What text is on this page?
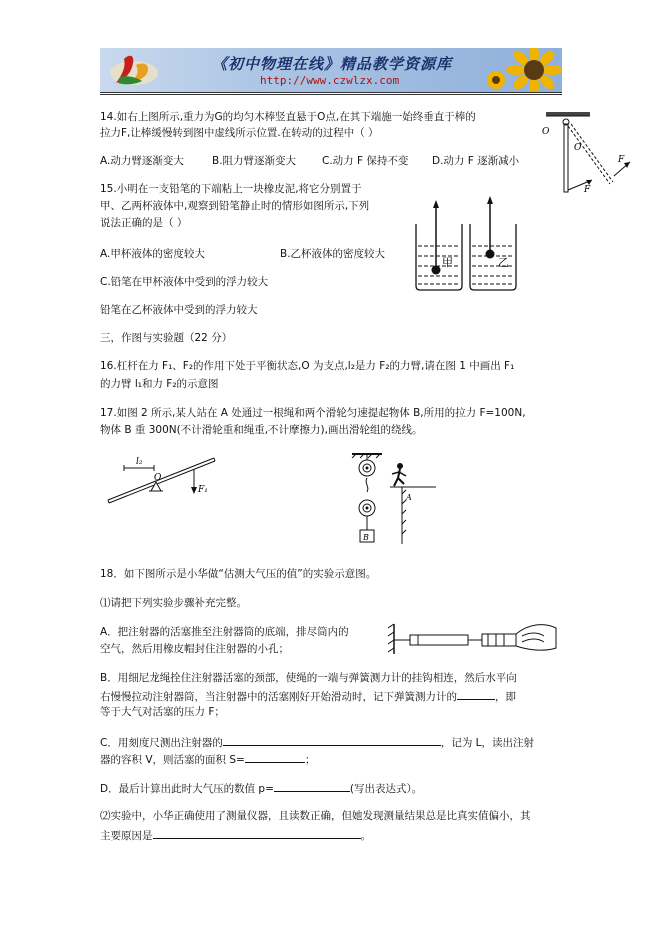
《初中物理在线》精品教学资源库
http://www.czwlzx.com
14.如右上图所示,重力为G的均匀木棒竖直悬于O点,在其下端施一始终垂直于棒的
拉力F,让棒缓慢转到图中虚线所示位置.在转动的过程中（ ）
A.动力臂逐渐变大	B.阻力臂逐渐变大 C.动力 F 保持不变 D.动力 F 逐渐减小
O
O
F
F
15.小明在一支铅笔的下端粘上一块橡皮泥,将它分别置于
甲、乙两杯液体中,观察到铅笔静止时的情形如图所示,下列
说法正确的是（ ）
A.甲杯液体的密度较大	B.乙杯液体的密度较大
C.铅笔在甲杯液体中受到的浮力较大
铅笔在乙杯液体中受到的浮力较大
甲	乙
三，作图与实验题（22 分）
16.杠杆在力 F₁、F₂的作用下处于平衡状态,O 为支点,l₂是力 F₂的力臂,请在图 1 中画出 F₁
的力臂 l₁和力 F₂的示意图
17.如图 2 所示,某人站在 A 处通过一根绳和两个滑轮匀速提起物体 B,所用的拉力 F=100N,
物体 B 重 300N(不计滑轮重和绳重,不计摩擦力),画出滑轮组的绕线。
l₂
O
F₁
B
A
18．如下图所示是小华做“估测大气压的值”的实验示意图。
⑴请把下列实验步骤补充完整。
A．把注射器的活塞推至注射器筒的底端，排尽筒内的
空气，然后用橡皮帽封住注射器的小孔；
B．用细尼龙绳拴住注射器活塞的颈部，使绳的一端与弹簧测力计的挂钩相连，然后水平向
右慢慢拉动注射器筒，当注射器中的活塞刚好开始滑动时，记下弹簧测力计的	，即
等于大气对活塞的压力 F；
C．用刻度尺测出注射器的	，记为 L，读出注射
器的容积 V，则活塞的面积 S=	；
D．最后计算出此时大气压的数值 p=	(写出表达式）。
⑵实验中，小华正确使用了测量仪器，且读数正确，但她发现测量结果总是比真实值偏小，其
主要原因是	。
